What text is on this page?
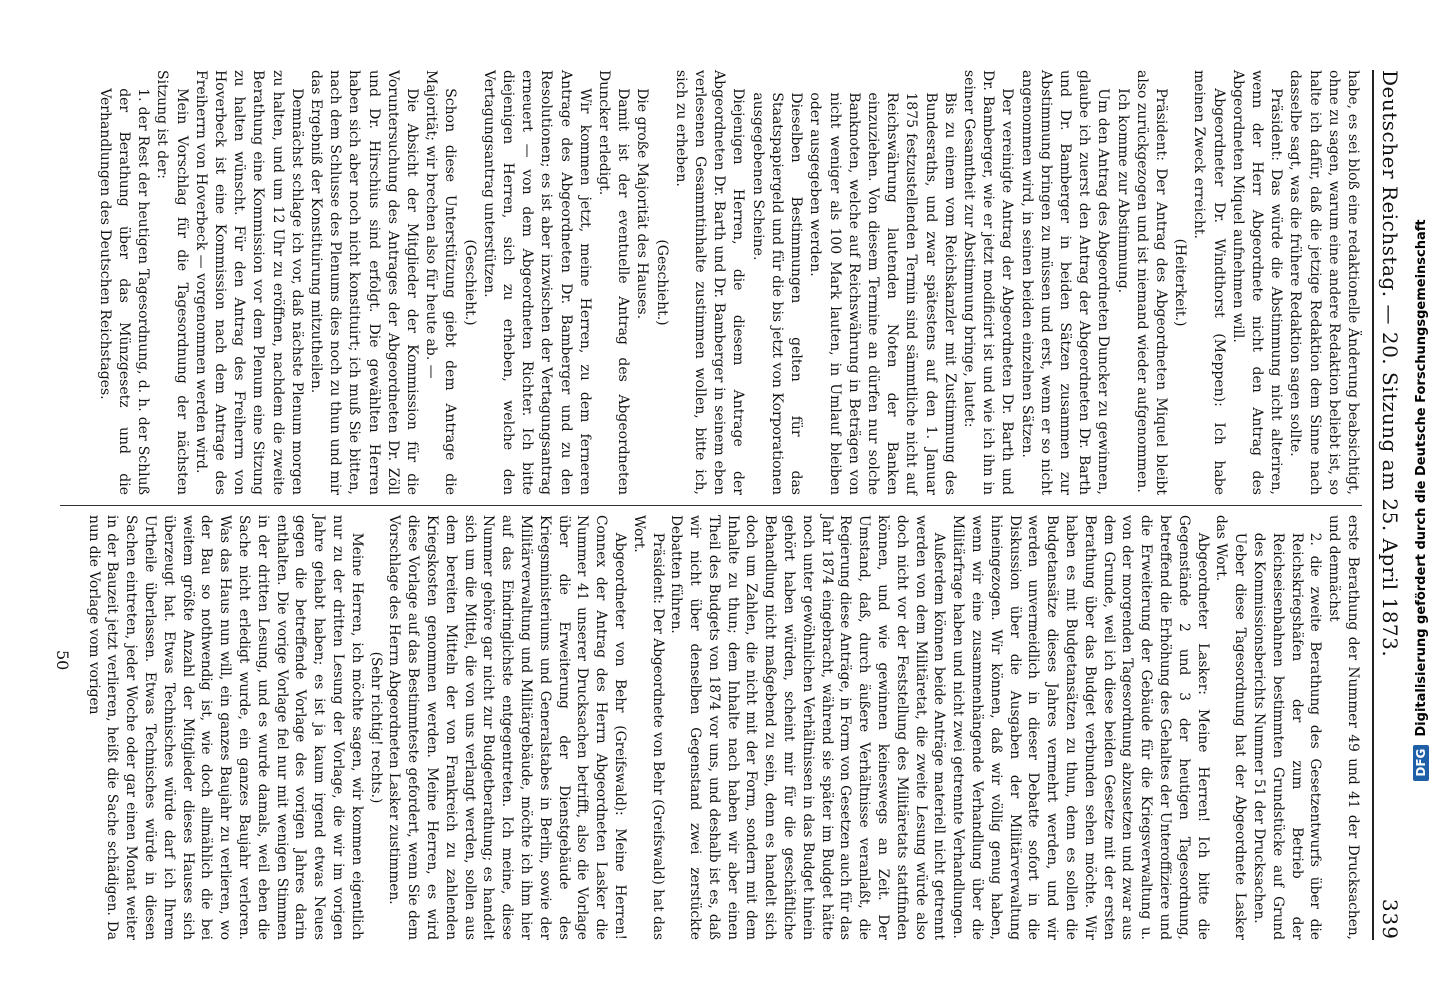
Deutscher Reichstag. — 20. Sitzung am 25. April 1873.
339

habe, es sei bloß eine redaktionelle Änderung beabsichtigt, ohne zu sagen, warum eine andere Redaktion beliebt ist, so halte ich dafür, daß die jetzige Redaktion dem Sinne nach dasselbe sagt, was die frühere Redaktion sagen sollte.

Präsident: Das würde die Abstimmung nicht alteriren, wenn der Herr Abgeordnete nicht den Antrag des Abgeordneten Miquel aufnehmen will.

Abgeordneter Dr. Windthorst (Meppen): Ich habe meinen Zweck erreicht.

(Heiterkeit.)

Präsident: Der Antrag des Abgeordneten Miquel bleibt also zurückgezogen und ist niemand wieder aufgenommen.

Ich komme zur Abstimmung.

Um den Antrag des Abgeordneten Duncker zu gewinnen, glaube ich zuerst den Antrag der Abgeordneten Dr. Barth und Dr. Bamberger in beiden Sätzen zusammen zur Abstimmung bringen zu müssen und erst, wenn er so nicht angenommen wird, in seinen beiden einzelnen Sätzen.

Der vereinigte Antrag der Abgeordneten Dr. Barth und Dr. Bamberger, wie er jetzt modificirt ist und wie ich ihn in seiner Gesamtheit zur Abstimmung bringe, lautet:

Bis zu einem vom Reichskanzler mit Zustimmung des Bundesraths, und zwar spätestens auf den 1. Januar 1875 festzustellenden Termin sind sämmtliche nicht auf Reichswährung lautenden Noten der Banken einzuziehen. Von diesem Termine an dürfen nur solche Banknoten, welche auf Reichswährung in Beträgen von nicht weniger als 100 Mark lauten, in Umlauf bleiben oder ausgegeben werden.

Dieselben Bestimmungen gelten für das Staatspapiergeld und für die bis jetzt von Korporationen ausgegebenen Scheine.

Diejenigen Herren, die diesem Antrage der Abgeordneten Dr. Barth und Dr. Bamberger in seinem eben verlesenen Gesammtinhalte zustimmen wollen, bitte ich, sich zu erheben.

(Geschieht.)

Die große Majorität des Hauses.

Damit ist der eventuelle Antrag des Abgeordneten Duncker erledigt.

Wir kommen jetzt, meine Herren, zu dem ferneren Antrage des Abgeordneten Dr. Bamberger und zu den Resolutionen; es ist aber inzwischen der Vertagungsantrag erneuert — von dem Abgeordneten Richter. Ich bitte diejenigen Herren, sich zu erheben, welche den Vertagungsantrag unterstützen.

(Geschieht.)

Schon diese Unterstützung giebt dem Antrage die Majorität; wir brechen also für heute ab. —

Die Absicht der Mitglieder der Kommission für die Voruntersuchung des Antrages der Abgeordneten Dr. Zöll und Dr. Hirschius sind erfolgt. Die gewählten Herren haben sich aber noch nicht konstituirt; ich muß Sie bitten, nach dem Schlusse des Plenums dies noch zu thun und mir das Ergebniß der Konstituirung mitzutheilen.

Demnächst schlage ich vor, daß nächste Plenum morgen zu halten, und um 12 Uhr zu eröffnen, nachdem die zweite Berathung eine Kommission vor dem Plenum eine Sitzung zu halten wünscht. Für den Antrag des Freiherrn von Hoverbeck ist eine Kommission nach dem Antrage des Freiherrn von Hoverbeck — vorgenommen werden wird.

Mein Vorschlag für die Tagesordnung der nächsten Sitzung ist der:

1. der Rest der heutigen Tagesordnung, d. h. der Schluß der Berathung über das Münzgesetz und die Verhandlungen des Deutschen Reichstages.

erste Berathung der Nummer 49 und 41 der Drucksachen, und demnächst

2. die zweite Berathung des Gesetzentwurfs über die Reichskriegshäfen der zum Betrieb der Reichseisenbahnen bestimmten Grundstücke auf Grund des Kommissionsberichts Nummer 51 der Drucksachen.

Ueber diese Tagesordnung hat der Abgeordnete Lasker das Wort.

Abgeordneter Lasker: Meine Herren! Ich bitte die Gegenstände 2 und 3 der heutigen Tagesordnung, betreffend die Erhöhung des Gehaltes der Unteroffiziere und die Erweiterung der Gebäude für die Kriegsverwaltung u. von der morgenden Tagesordnung abzusetzen und zwar aus dem Grunde, weil ich diese beiden Gesetze mit der ersten Berathung über das Budget verbunden sehen möchte. Wir haben es mit Budgetansätzen zu thun, denn es sollen die Budgetansätze dieses Jahres vermehrt werden, und wir werden unvermeidlich in dieser Debatte sofort in die Diskussion über die Ausgaben der Militärverwaltung hineingezogen. Wir können, daß wir völlig genug haben, wenn wir eine zusammenhängende Verhandlung über die Militärfrage haben und nicht zwei getrennte Verhandlungen.

Außerdem können beide Anträge materiell nicht getrennt werden von dem Militäretat, die zweite Lesung würde also doch nicht vor der Feststellung des Militäretats stattfinden können, und wie gewinnen keineswegs an Zeit. Der Umstand, daß, durch äußere Verhältnisse veranlaßt, die Regierung diese Anträge, in Form von Gesetzen auch für das Jahr 1874 eingebracht, während sie später im Budget hätte noch unter gewöhnlichen Verhältnissen in das Budget hinein gehört haben würden, scheint mir für die geschäftliche Behandlung nicht maßgebend zu sein, denn es handelt sich doch um Zahlen, die nicht mit der Form, sondern mit dem Inhalte zu thun; dem Inhalte nach haben wir aber einen Theil des Budgets von 1874 vor uns, und deshalb ist es, daß wir nicht über denselben Gegenstand zwei zerstückte Debatten führen.

Präsident: Der Abgeordnete von Behr (Greifswald) hat das Wort.

Abgeordneter von Behr (Greifswald): Meine Herren! Connex der Antrag des Herrn Abgeordneten Lasker die Nummer 41 unserer Drucksachen betrifft, also die Vorlage über die Erweiterung der Dienstgebäude des Kriegsministeriums und Generalstabes in Berlin, sowie der Militärverwaltung und Militärgebäude, möchte ich ihm hier auf das Eindringlichste entgegentreten. Ich meine, diese Nummer gehöre gar nicht zur Budgetberathung; es handelt sich um die Mittel, die von uns verlangt werden, sollen aus dem bereiten Mitteln der von Frankreich zu zahlenden Kriegskosten genommen werden. Meine Herren, es wird diese Vorlage auf das Bestimmteste gefordert, wenn Sie dem Vorschlage des Herrn Abgeordneten Lasker zustimmen.

(Sehr richtig! rechts.)

Meine Herren, ich möchte sagen, wir kommen eigentlich nur zu der dritten Lesung der Vorlage, die wir im vorigen Jahre gehabt haben; es ist ja kaum irgend etwas Neues gegen die betreffende Vorlage des vorigen Jahres darin enthalten. Die vorige Vorlage fiel nur mit wenigen Stimmen in der dritten Lesung, und es wurde damals, weil eben die Sache nicht erledigt wurde, ein ganzes Baujahr verloren. Was das Haus nun will, ein ganzes Baujahr zu verlieren, wo der Bau so nothwendig ist, wie doch allmählich die bei weitem größte Anzahl der Mitglieder dieses Hauses sich überzeugt hat. Etwas Technisches würde darf ich Ihrem Urtheile überlassen. Etwas Technisches würde in diesen Sachen eintreten, jeder Woche oder gar einen Monat weiter in der Bauzeit jetzt verlieren, heißt die Sache schädigen. Da nun die Vorlage vom vorigen

50
DFG
Digitalisierung gefördert durch die Deutsche Forschungsgemeinschaft
